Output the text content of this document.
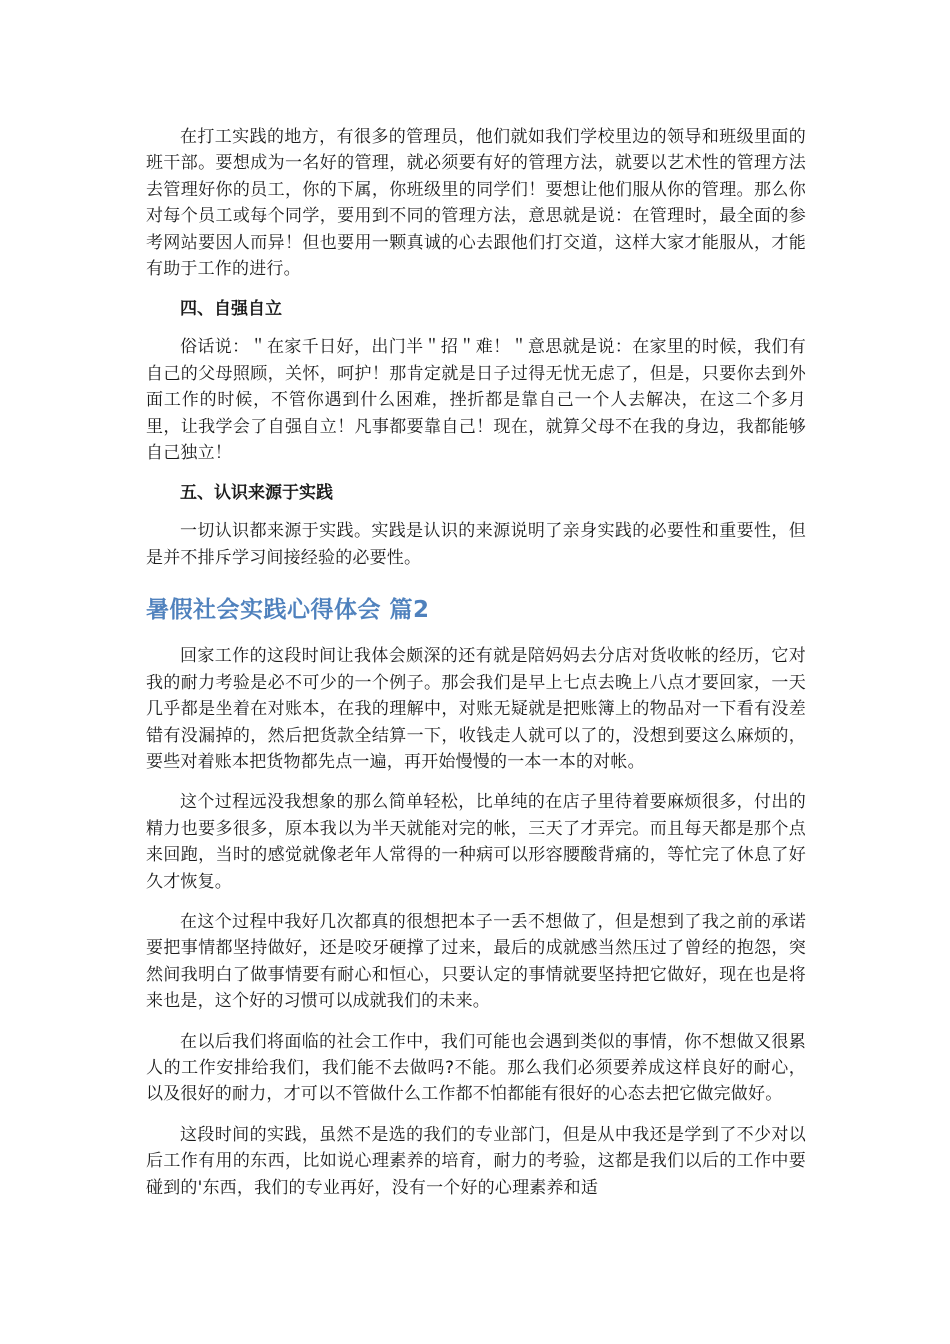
在打工实践的地方，有很多的管理员，他们就如我们学校里边的领导和班级里面的班干部。要想成为一名好的管理，就必须要有好的管理方法，就要以艺术性的管理方法去管理好你的员工，你的下属，你班级里的同学们！要想让他们服从你的管理。那么你对每个员工或每个同学，要用到不同的管理方法，意思就是说：在管理时，最全面的参考网站要因人而异！但也要用一颗真诚的心去跟他们打交道，这样大家才能服从，才能有助于工作的进行。

四、自强自立

俗话说：＂在家千日好，出门半＂招＂难！＂意思就是说：在家里的时候，我们有自己的父母照顾，关怀，呵护！那肯定就是日子过得无忧无虑了，但是，只要你去到外面工作的时候，不管你遇到什么困难，挫折都是靠自己一个人去解决，在这二个多月里，让我学会了自强自立！凡事都要靠自己！现在，就算父母不在我的身边，我都能够自己独立！

五、认识来源于实践

一切认识都来源于实践。实践是认识的来源说明了亲身实践的必要性和重要性，但是并不排斥学习间接经验的必要性。

暑假社会实践心得体会 篇2

回家工作的这段时间让我体会颇深的还有就是陪妈妈去分店对货收帐的经历，它对我的耐力考验是必不可少的一个例子。那会我们是早上七点去晚上八点才要回家，一天几乎都是坐着在对账本，在我的理解中，对账无疑就是把账簿上的物品对一下看有没差错有没漏掉的，然后把货款全结算一下，收钱走人就可以了的，没想到要这么麻烦的，要些对着账本把货物都先点一遍，再开始慢慢的一本一本的对帐。

这个过程远没我想象的那么简单轻松，比单纯的在店子里待着要麻烦很多，付出的精力也要多很多，原本我以为半天就能对完的帐，三天了才弄完。而且每天都是那个点来回跑，当时的感觉就像老年人常得的一种病可以形容腰酸背痛的，等忙完了休息了好久才恢复。

在这个过程中我好几次都真的很想把本子一丢不想做了，但是想到了我之前的承诺要把事情都坚持做好，还是咬牙硬撑了过来，最后的成就感当然压过了曾经的抱怨，突然间我明白了做事情要有耐心和恒心，只要认定的事情就要坚持把它做好，现在也是将来也是，这个好的习惯可以成就我们的未来。

在以后我们将面临的社会工作中，我们可能也会遇到类似的事情，你不想做又很累人的工作安排给我们，我们能不去做吗?不能。那么我们必须要养成这样良好的耐心，以及很好的耐力，才可以不管做什么工作都不怕都能有很好的心态去把它做完做好。

这段时间的实践，虽然不是选的我们的专业部门，但是从中我还是学到了不少对以后工作有用的东西，比如说心理素养的培育，耐力的考验，这都是我们以后的工作中要碰到的'东西，我们的专业再好，没有一个好的心理素养和适
